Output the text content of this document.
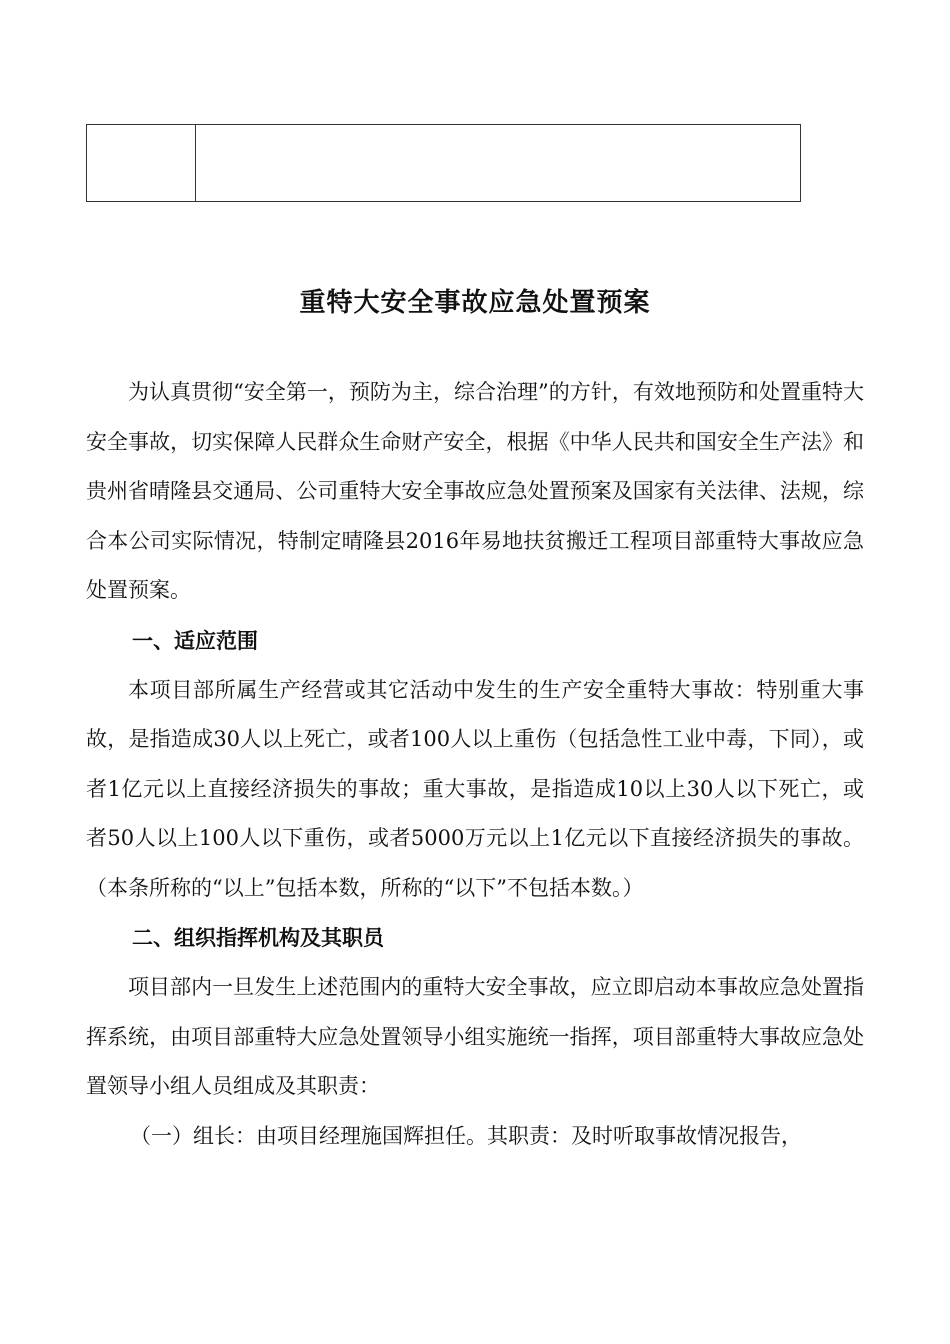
重特大安全事故应急处置预案

为认真贯彻“安全第一，预防为主，综合治理”的方针，有效地预防和处置重特大安全事故，切实保障人民群众生命财产安全，根据《中华人民共和国安全生产法》和贵州省晴隆县交通局、公司重特大安全事故应急处置预案及国家有关法律、法规，综合本公司实际情况，特制定晴隆县2016年易地扶贫搬迁工程项目部重特大事故应急处置预案。

一、适应范围

本项目部所属生产经营或其它活动中发生的生产安全重特大事故：特别重大事故，是指造成30人以上死亡，或者100人以上重伤（包括急性工业中毒，下同），或者1亿元以上直接经济损失的事故；重大事故，是指造成10以上30人以下死亡，或者50人以上100人以下重伤，或者5000万元以上1亿元以下直接经济损失的事故。（本条所称的“以上”包括本数，所称的“以下”不包括本数。）

二、组织指挥机构及其职员

项目部内一旦发生上述范围内的重特大安全事故，应立即启动本事故应急处置指挥系统，由项目部重特大应急处置领导小组实施统一指挥，项目部重特大事故应急处置领导小组人员组成及其职责：

（一）组长：由项目经理施国辉担任。其职责：及时听取事故情况报告，
